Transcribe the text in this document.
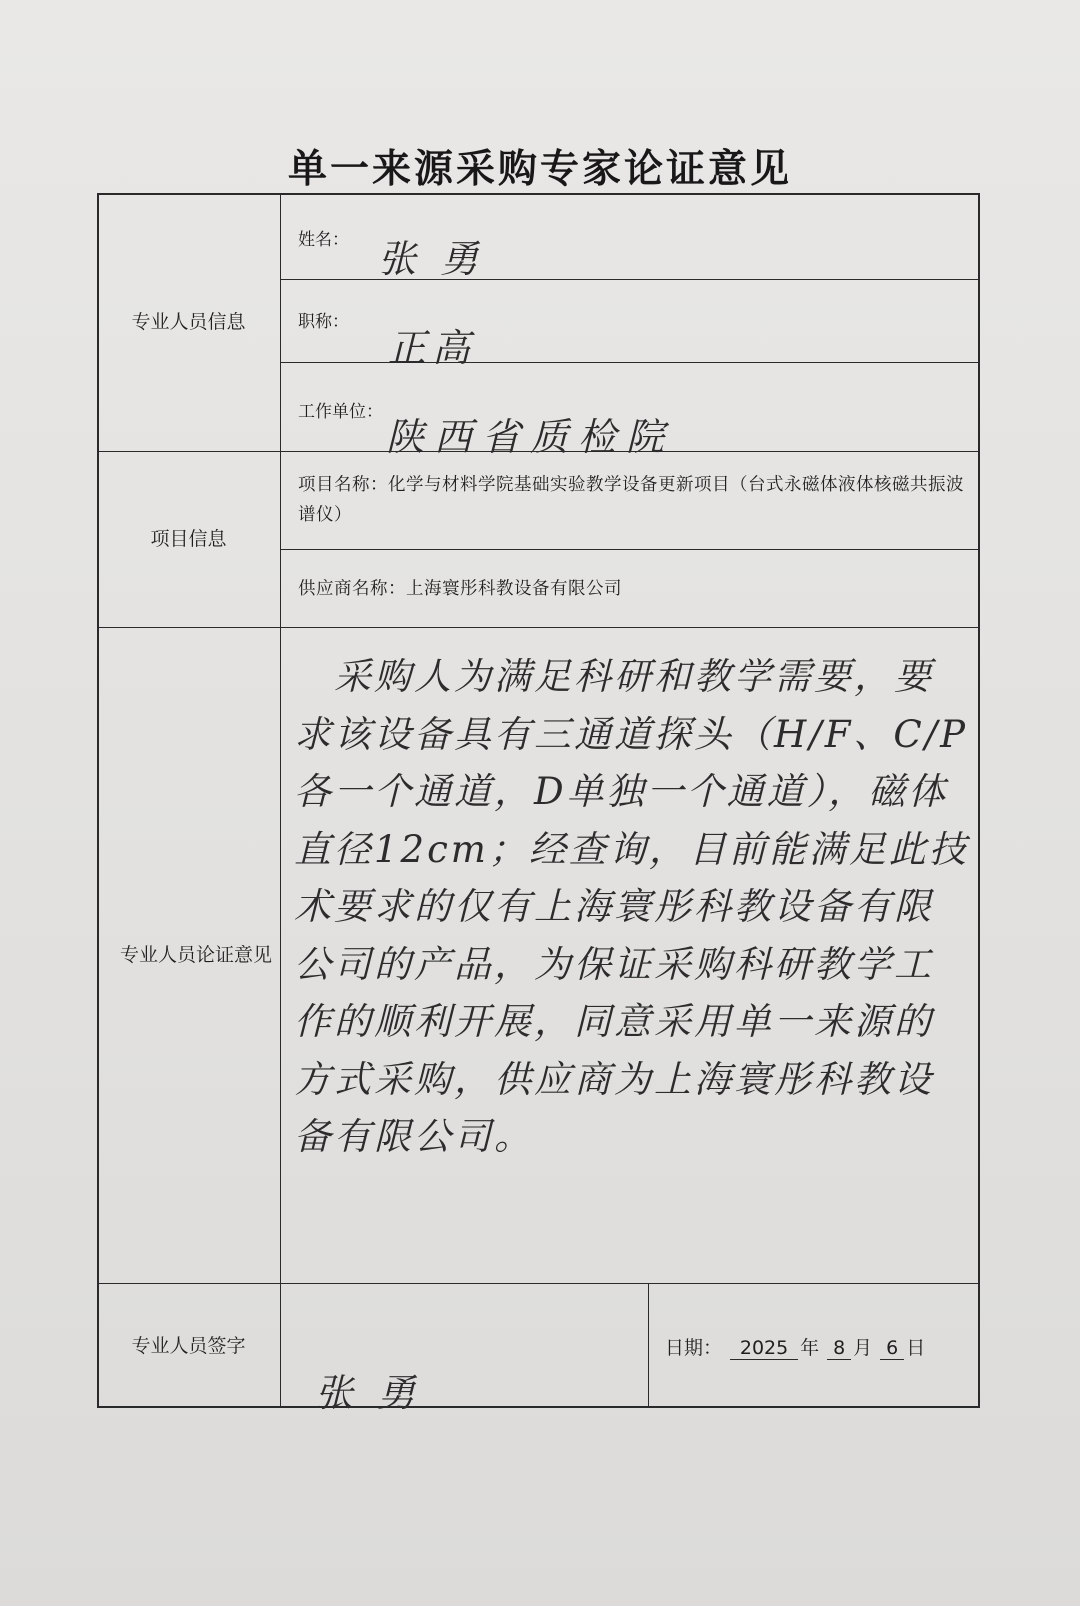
单一来源采购专家论证意见
专业人员信息
项目信息
专业人员论证意见
专业人员签字
姓名： 张 勇
职称：
正高
工作单位：
陕西省质检院
项目名称：化学与材料学院基础实验教学设备更新项目（台式永磁体液体核磁共振波谱仪）
供应商名称：上海寰彤科教设备有限公司
采购人为满足科研和教学需要，要求该设备具有三通道探头（H/F、C/P各一个通道，D单独一个通道），磁体直径12cm；经查询，目前能满足此技术要求的仅有上海寰彤科教设备有限公司的产品，为保证采购科研教学工作的顺利开展，同意采用单一来源的方式采购，供应商为上海寰彤科教设备有限公司。
张 勇
日期： 2025 年 8 月 6 日
